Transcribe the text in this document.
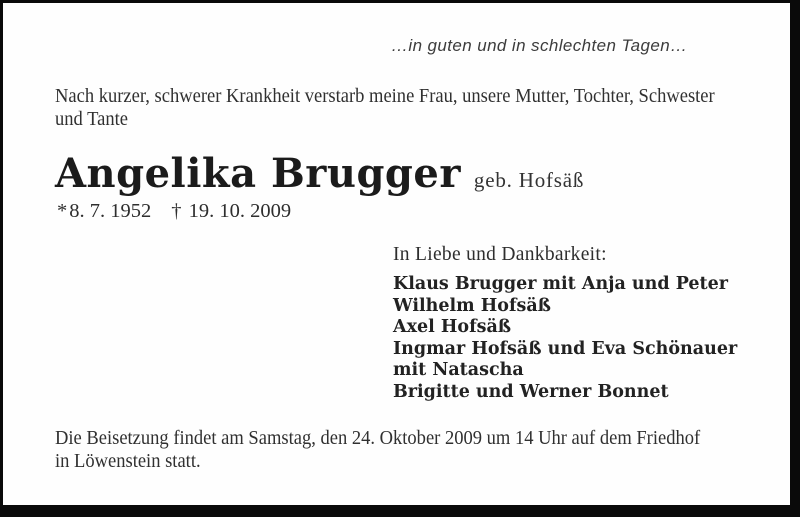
…in guten und in schlechten Tagen…
Nach kurzer, schwerer Krankheit verstarb meine Frau, unsere Mutter, Tochter, Schwester
und Tante
Angelika Brugger geb. Hofsäß
*8. 7. 1952 † 19. 10. 2009
In Liebe und Dankbarkeit:
Klaus Brugger mit Anja und Peter
Wilhelm Hofsäß
Axel Hofsäß
Ingmar Hofsäß und Eva Schönauer
mit Natascha
Brigitte und Werner Bonnet
Die Beisetzung findet am Samstag, den 24. Oktober 2009 um 14 Uhr auf dem Friedhof
in Löwenstein statt.
